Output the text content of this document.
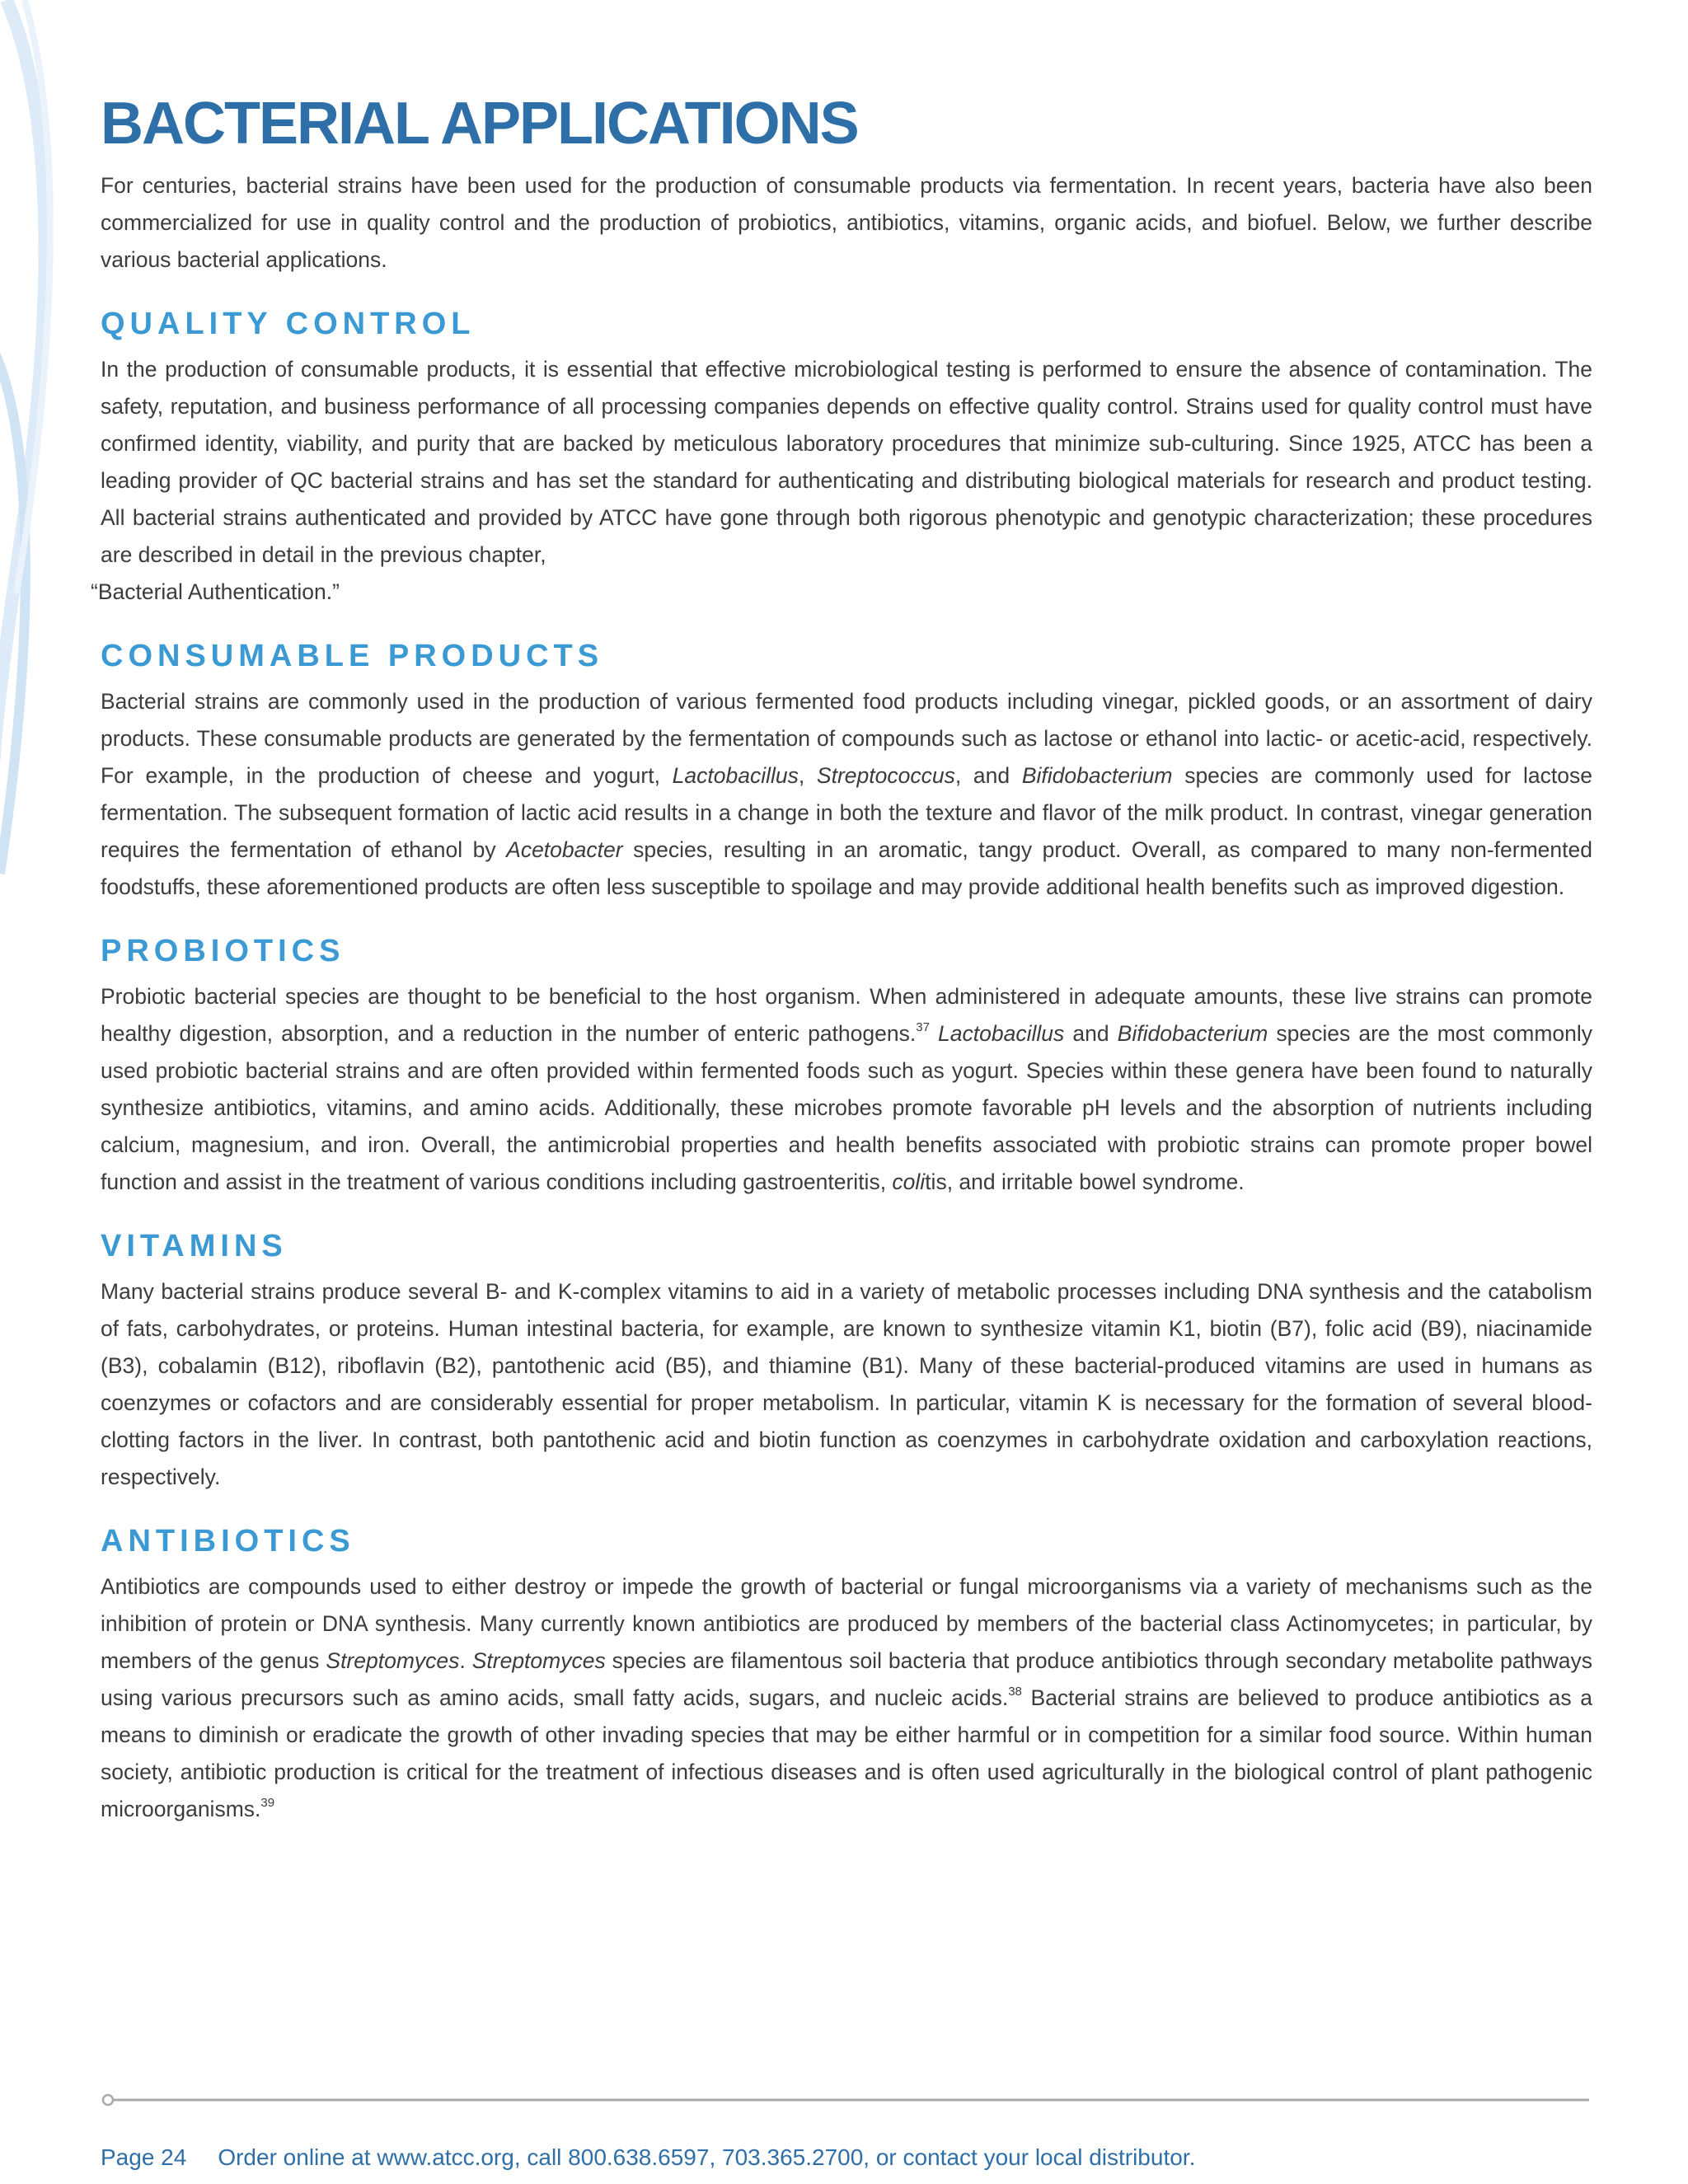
BACTERIAL APPLICATIONS

For centuries, bacterial strains have been used for the production of consumable products via fermentation. In recent years, bacteria have also been commercialized for use in quality control and the production of probiotics, antibiotics, vitamins, organic acids, and biofuel. Below, we further describe various bacterial applications.

QUALITY CONTROL

In the production of consumable products, it is essential that effective microbiological testing is performed to ensure the absence of contamination. The safety, reputation, and business performance of all processing companies depends on effective quality control. Strains used for quality control must have confirmed identity, viability, and purity that are backed by meticulous laboratory procedures that minimize sub-culturing. Since 1925, ATCC has been a leading provider of QC bacterial strains and has set the standard for authenticating and distributing biological materials for research and product testing. All bacterial strains authenticated and provided by ATCC have gone through both rigorous phenotypic and genotypic characterization; these procedures are described in detail in the previous chapter,
“Bacterial Authentication.”

CONSUMABLE PRODUCTS

Bacterial strains are commonly used in the production of various fermented food products including vinegar, pickled goods, or an assortment of dairy products. These consumable products are generated by the fermentation of compounds such as lactose or ethanol into lactic- or acetic-acid, respectively. For example, in the production of cheese and yogurt, Lactobacillus, Streptococcus, and Bifidobacterium species are commonly used for lactose fermentation. The subsequent formation of lactic acid results in a change in both the texture and flavor of the milk product. In contrast, vinegar generation requires the fermentation of ethanol by Acetobacter species, resulting in an aromatic, tangy product. Overall, as compared to many non-fermented foodstuffs, these aforementioned products are often less susceptible to spoilage and may provide additional health benefits such as improved digestion.

PROBIOTICS

Probiotic bacterial species are thought to be beneficial to the host organism. When administered in adequate amounts, these live strains can promote healthy digestion, absorption, and a reduction in the number of enteric pathogens.$^{37}$ Lactobacillus and Bifidobacterium species are the most commonly used probiotic bacterial strains and are often provided within fermented foods such as yogurt. Species within these genera have been found to naturally synthesize antibiotics, vitamins, and amino acids. Additionally, these microbes promote favorable pH levels and the absorption of nutrients including calcium, magnesium, and iron. Overall, the antimicrobial properties and health benefits associated with probiotic strains can promote proper bowel function and assist in the treatment of various conditions including gastroenteritis, colitis, and irritable bowel syndrome.

VITAMINS

Many bacterial strains produce several B- and K-complex vitamins to aid in a variety of metabolic processes including DNA synthesis and the catabolism of fats, carbohydrates, or proteins. Human intestinal bacteria, for example, are known to synthesize vitamin K1, biotin (B7), folic acid (B9), niacinamide (B3), cobalamin (B12), riboflavin (B2), pantothenic acid (B5), and thiamine (B1). Many of these bacterial-produced vitamins are used in humans as coenzymes or cofactors and are considerably essential for proper metabolism. In particular, vitamin K is necessary for the formation of several blood-clotting factors in the liver. In contrast, both pantothenic acid and biotin function as coenzymes in carbohydrate oxidation and carboxylation reactions, respectively.

ANTIBIOTICS

Antibiotics are compounds used to either destroy or impede the growth of bacterial or fungal microorganisms via a variety of mechanisms such as the inhibition of protein or DNA synthesis. Many currently known antibiotics are produced by members of the bacterial class Actinomycetes; in particular, by members of the genus Streptomyces. Streptomyces species are filamentous soil bacteria that produce antibiotics through secondary metabolite pathways using various precursors such as amino acids, small fatty acids, sugars, and nucleic acids.$^{38}$ Bacterial strains are believed to produce antibiotics as a means to diminish or eradicate the growth of other invading species that may be either harmful or in competition for a similar food source. Within human society, antibiotic production is critical for the treatment of infectious diseases and is often used agriculturally in the biological control of plant pathogenic microorganisms.$^{39}$

Page 24 Order online at www.atcc.org, call 800.638.6597, 703.365.2700, or contact your local distributor.
